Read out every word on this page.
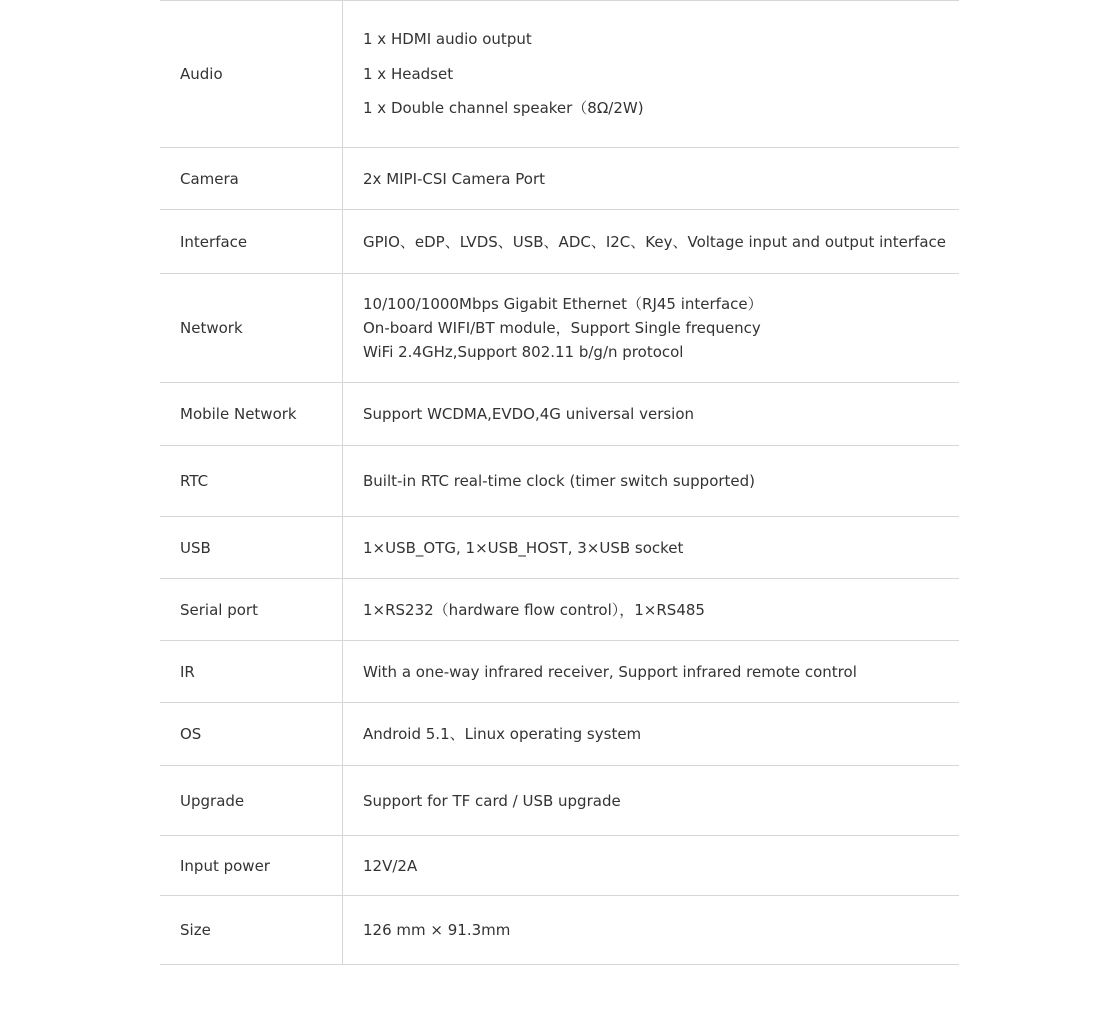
Audio	1 x HDMI audio output
1 x Headset
1 x Double channel speaker（8Ω/2W)

Camera	2x MIPI-CSI Camera Port
Interface	GPIO、eDP、LVDS、USB、ADC、I2C、Key、Voltage input and output interface
Network	10/100/1000Mbps Gigabit Ethernet（RJ45 interface）
On-board WIFI/BT module，Support Single frequency
WiFi 2.4GHz,Support 802.11 b/g/n protocol

Mobile Network	Support WCDMA,EVDO,4G universal version
RTC	Built-in RTC real-time clock (timer switch supported)
USB	1×USB_OTG, 1×USB_HOST, 3×USB socket
Serial port	1×RS232（hardware flow control），1×RS485
IR	With a one-way infrared receiver, Support infrared remote control
OS	Android 5.1、Linux operating system
Upgrade	Support for TF card / USB upgrade
Input power	12V/2A
Size	126 mm × 91.3mm
